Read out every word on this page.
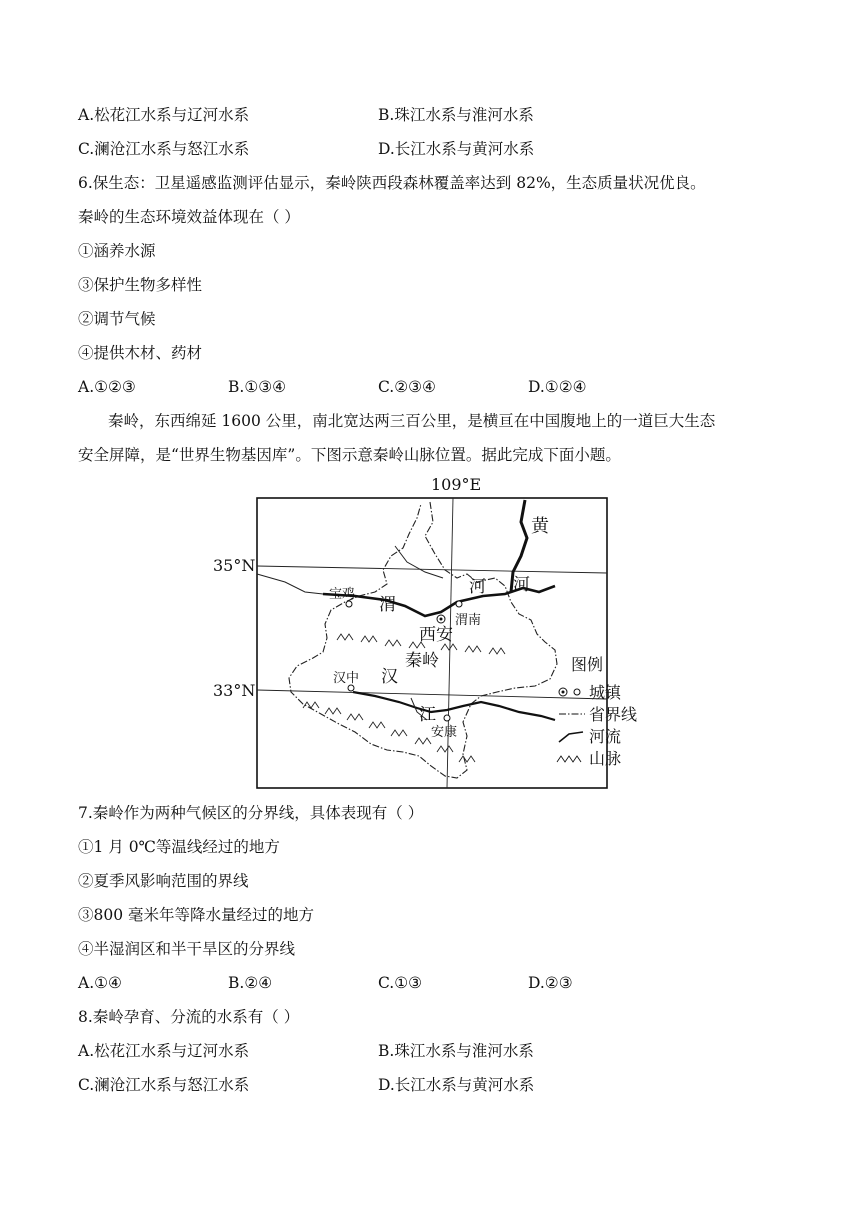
A.松花江水系与辽河水系	B.珠江水系与淮河水系
C.澜沧江水系与怒江水系	D.长江水系与黄河水系
6.保生态：卫星遥感监测评估显示，秦岭陕西段森林覆盖率达到 82%，生态质量状况优良。
秦岭的生态环境效益体现在（ ）
①涵养水源
③保护生物多样性
②调节气候
④提供木材、药材
A.①②③	B.①③④	C.②③④	D.①②④
秦岭，东西绵延 1600 公里，南北宽达两三百公里，是横亘在中国腹地上的一道巨大生态
安全屏障，是“世界生物基因库”。下图示意秦岭山脉位置。据此完成下面小题。
109°E
35°N
33°N
黄
河 河
渭
宝鸡
渭南
西安
秦岭
汉中 汉
江
安康
图例
城镇
省界线
河流
山脉
7.秦岭作为两种气候区的分界线，具体表现有（ ）
①1 月 0℃等温线经过的地方
②夏季风影响范围的界线
③800 毫米年等降水量经过的地方
④半湿润区和半干旱区的分界线
A.①④	B.②④	C.①③	D.②③
8.秦岭孕育、分流的水系有（ ）
A.松花江水系与辽河水系	B.珠江水系与淮河水系
C.澜沧江水系与怒江水系	D.长江水系与黄河水系
